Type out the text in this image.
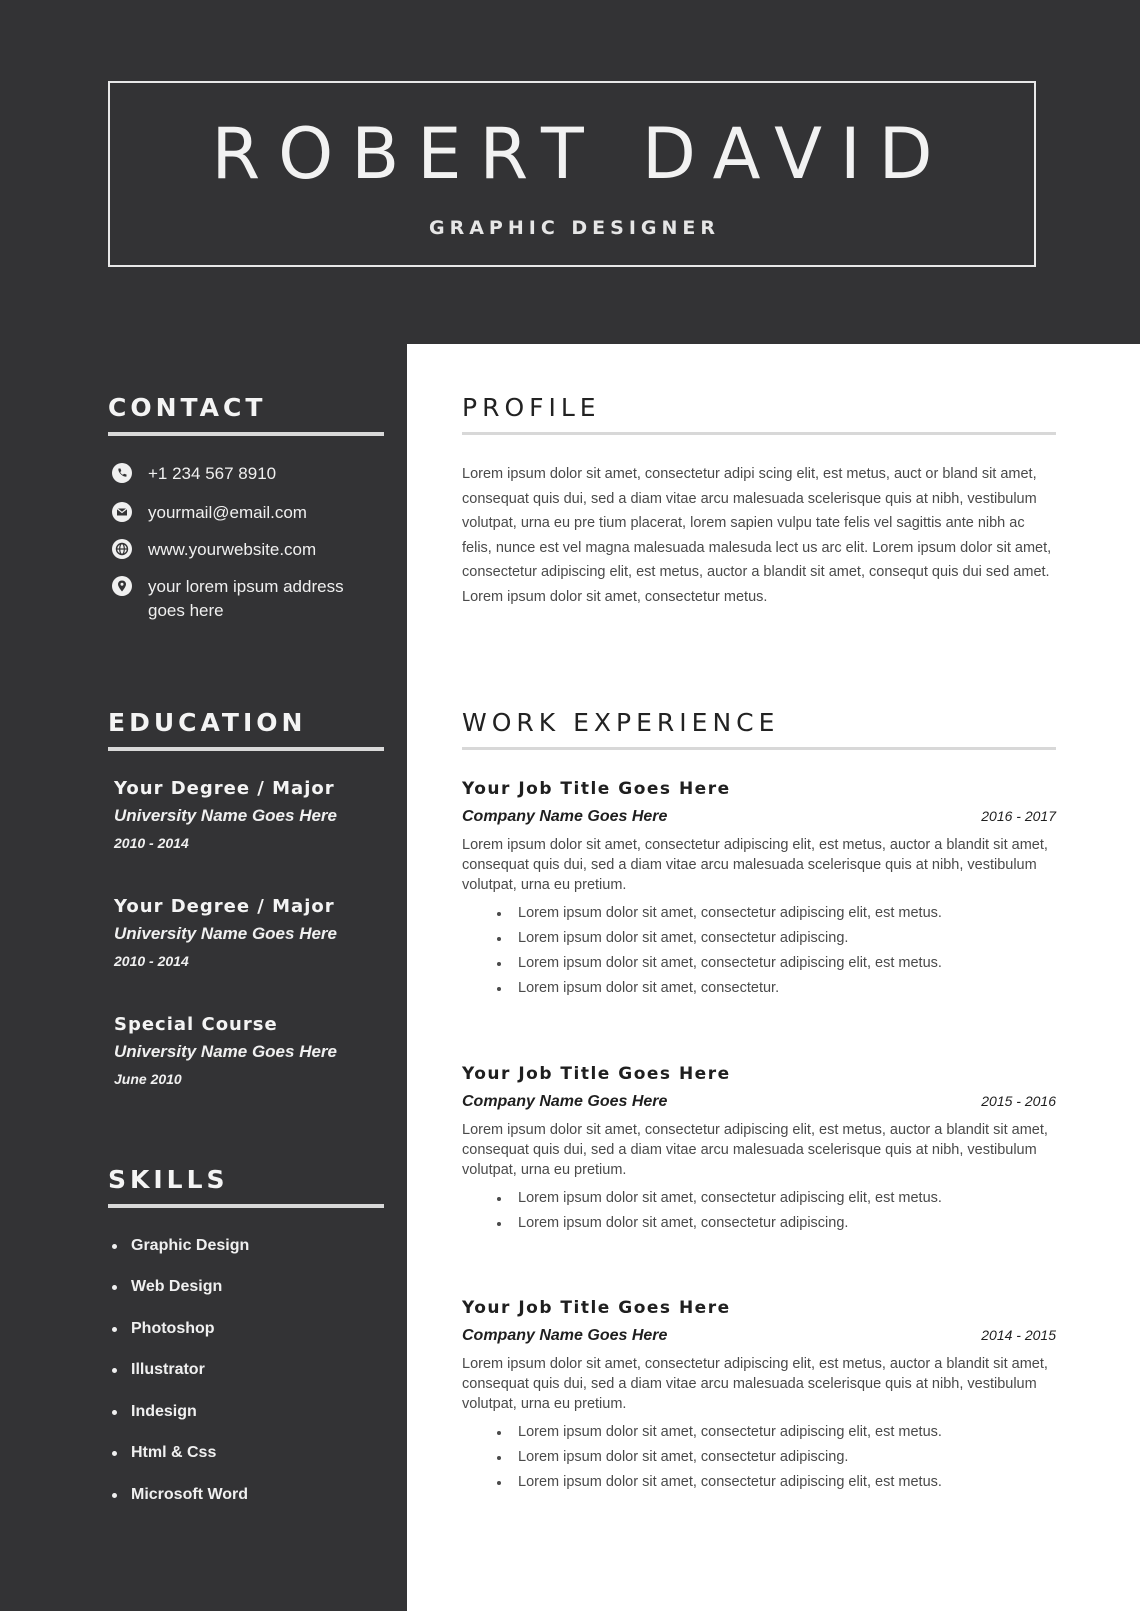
ROBERT DAVID
GRAPHIC DESIGNER
CONTACT
+1 234 567 8910
yourmail@email.com
www.yourwebsite.com
your lorem ipsum address goes here
EDUCATION
Your Degree / Major
University Name Goes Here
2010 - 2014
Your Degree / Major
University Name Goes Here
2010 - 2014
Special Course
University Name Goes Here
June 2010
SKILLS
Graphic Design
Web Design
Photoshop
Illustrator
Indesign
Html & Css
Microsoft Word
PROFILE
Lorem ipsum dolor sit amet, consectetur adipi scing elit, est metus, auct or bland sit amet, consequat quis dui, sed a diam vitae arcu malesuada scelerisque quis at nibh, vestibulum volutpat, urna eu pre tium placerat, lorem sapien vulpu tate felis vel sagittis ante nibh ac felis, nunce est vel magna malesuada malesuda lect us arc elit. Lorem ipsum dolor sit amet, consectetur adipiscing elit, est metus, auctor a blandit sit amet, consequt quis dui sed amet. Lorem ipsum dolor sit amet, consectetur metus.
WORK EXPERIENCE
Your Job Title Goes Here
Company Name Goes Here	2016 - 2017
Lorem ipsum dolor sit amet, consectetur adipiscing elit, est metus, auctor a blandit sit amet, consequat quis dui, sed a diam vitae arcu malesuada scelerisque quis at nibh, vestibulum volutpat, urna eu pretium.
Lorem ipsum dolor sit amet, consectetur adipiscing elit, est metus.
Lorem ipsum dolor sit amet, consectetur adipiscing.
Lorem ipsum dolor sit amet, consectetur adipiscing elit, est metus.
Lorem ipsum dolor sit amet, consectetur.
Your Job Title Goes Here
Company Name Goes Here	2015 - 2016
Lorem ipsum dolor sit amet, consectetur adipiscing elit, est metus, auctor a blandit sit amet, consequat quis dui, sed a diam vitae arcu malesuada scelerisque quis at nibh, vestibulum volutpat, urna eu pretium.
Lorem ipsum dolor sit amet, consectetur adipiscing elit, est metus.
Lorem ipsum dolor sit amet, consectetur adipiscing.
Your Job Title Goes Here
Company Name Goes Here	2014 - 2015
Lorem ipsum dolor sit amet, consectetur adipiscing elit, est metus, auctor a blandit sit amet, consequat quis dui, sed a diam vitae arcu malesuada scelerisque quis at nibh, vestibulum volutpat, urna eu pretium.
Lorem ipsum dolor sit amet, consectetur adipiscing elit, est metus.
Lorem ipsum dolor sit amet, consectetur adipiscing.
Lorem ipsum dolor sit amet, consectetur adipiscing elit, est metus.
